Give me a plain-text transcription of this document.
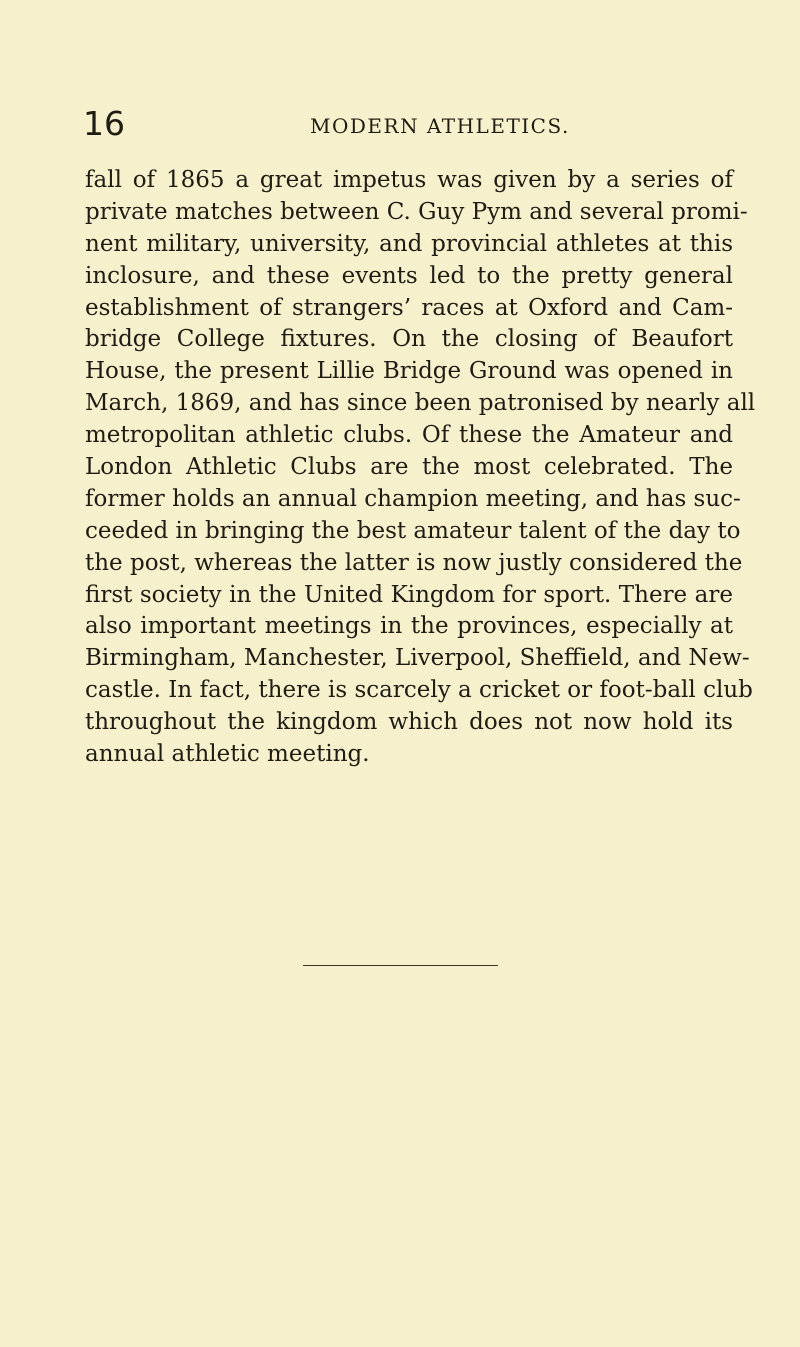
16	MODERN ATHLETICS.
fall of 1865 a great impetus was given by a series of
private matches between C. Guy Pym and several promi-
nent military, university, and provincial athletes at this
inclosure, and these events led to the pretty general
establishment of strangers’ races at Oxford and Cam-
bridge College fixtures. On the closing of Beaufort
House, the present Lillie Bridge Ground was opened in
March, 1869, and has since been patronised by nearly all
metropolitan athletic clubs. Of these the Amateur and
London Athletic Clubs are the most celebrated. The
former holds an annual champion meeting, and has suc-
ceeded in bringing the best amateur talent of the day to
the post, whereas the latter is now justly considered the
first society in the United Kingdom for sport. There are
also important meetings in the provinces, especially at
Birmingham, Manchester, Liverpool, Sheffield, and New-
castle. In fact, there is scarcely a cricket or foot-ball club
throughout the kingdom which does not now hold its
annual athletic meeting.
